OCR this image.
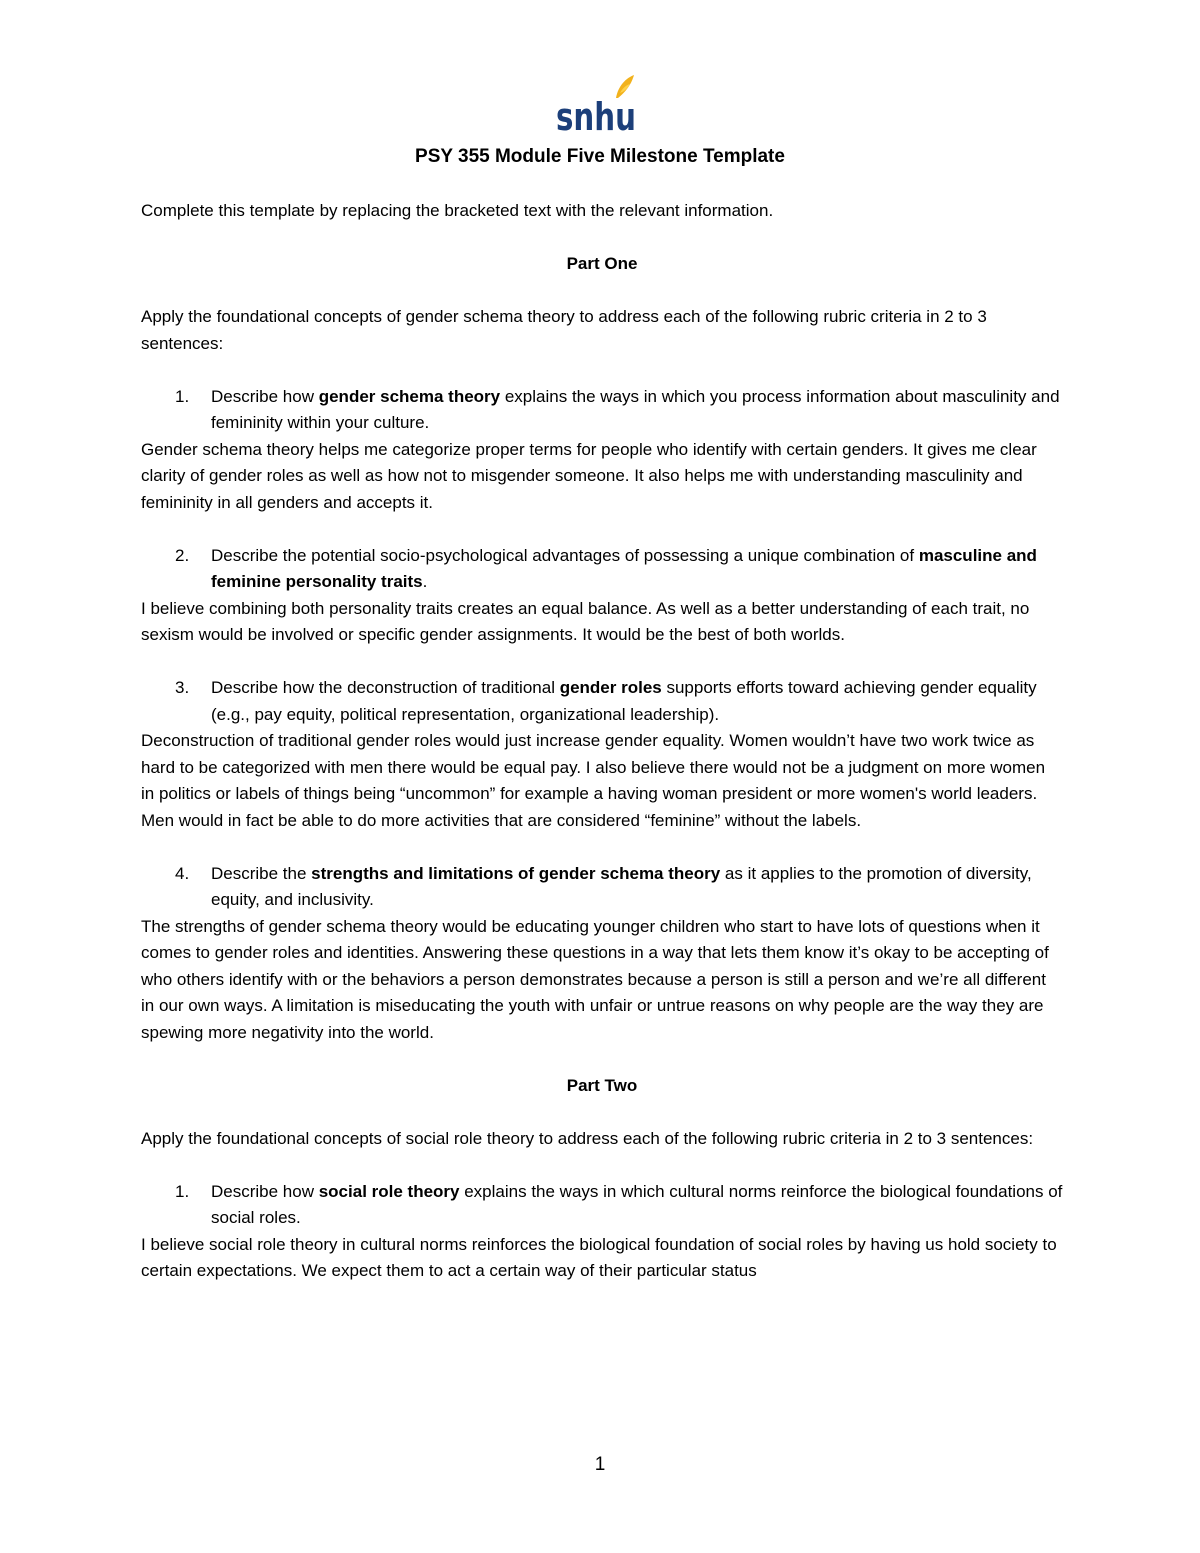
snhu
PSY 355 Module Five Milestone Template

Complete this template by replacing the bracketed text with the relevant information.

Part One

Apply the foundational concepts of gender schema theory to address each of the following rubric criteria in 2 to 3 sentences:

1.	Describe how gender schema theory explains the ways in which you process information about masculinity and femininity within your culture.

Gender schema theory helps me categorize proper terms for people who identify with certain genders. It gives me clear clarity of gender roles as well as how not to misgender someone. It also helps me with understanding masculinity and femininity in all genders and accepts it.

2.	Describe the potential socio-psychological advantages of possessing a unique combination of masculine and feminine personality traits.

I believe combining both personality traits creates an equal balance. As well as a better understanding of each trait, no sexism would be involved or specific gender assignments. It would be the best of both worlds.

3.	Describe how the deconstruction of traditional gender roles supports efforts toward achieving gender equality (e.g., pay equity, political representation, organizational leadership).

Deconstruction of traditional gender roles would just increase gender equality. Women wouldn’t have two work twice as hard to be categorized with men there would be equal pay. I also believe there would not be a judgment on more women in politics or labels of things being “uncommon” for example a having woman president or more women's world leaders. Men would in fact be able to do more activities that are considered “feminine” without the labels.

4.	Describe the strengths and limitations of gender schema theory as it applies to the promotion of diversity, equity, and inclusivity.

The strengths of gender schema theory would be educating younger children who start to have lots of questions when it comes to gender roles and identities. Answering these questions in a way that lets them know it’s okay to be accepting of who others identify with or the behaviors a person demonstrates because a person is still a person and we’re all different in our own ways. A limitation is miseducating the youth with unfair or untrue reasons on why people are the way they are spewing more negativity into the world.

Part Two

Apply the foundational concepts of social role theory to address each of the following rubric criteria in 2 to 3 sentences:

1.	Describe how social role theory explains the ways in which cultural norms reinforce the biological foundations of social roles.

I believe social role theory in cultural norms reinforces the biological foundation of social roles by having us hold society to certain expectations. We expect them to act a certain way of their particular status

1
